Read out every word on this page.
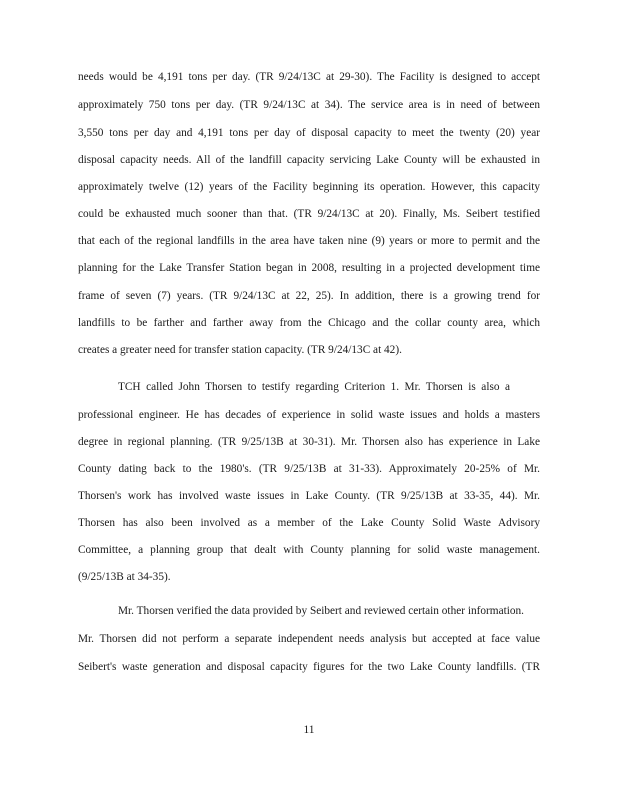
needs would be 4,191 tons per day. (TR 9/24/13C at 29-30). The Facility is designed to accept
approximately 750 tons per day. (TR 9/24/13C at 34). The service area is in need of between
3,550 tons per day and 4,191 tons per day of disposal capacity to meet the twenty (20) year
disposal capacity needs. All of the landfill capacity servicing Lake County will be exhausted in
approximately twelve (12) years of the Facility beginning its operation. However, this capacity
could be exhausted much sooner than that. (TR 9/24/13C at 20). Finally, Ms. Seibert testified
that each of the regional landfills in the area have taken nine (9) years or more to permit and the
planning for the Lake Transfer Station began in 2008, resulting in a projected development time
frame of seven (7) years. (TR 9/24/13C at 22, 25). In addition, there is a growing trend for
landfills to be farther and farther away from the Chicago and the collar county area, which
creates a greater need for transfer station capacity. (TR 9/24/13C at 42).
TCH called John Thorsen to testify regarding Criterion 1. Mr. Thorsen is also a
professional engineer. He has decades of experience in solid waste issues and holds a masters
degree in regional planning. (TR 9/25/13B at 30-31). Mr. Thorsen also has experience in Lake
County dating back to the 1980's. (TR 9/25/13B at 31-33). Approximately 20-25% of Mr.
Thorsen's work has involved waste issues in Lake County. (TR 9/25/13B at 33-35, 44). Mr.
Thorsen has also been involved as a member of the Lake County Solid Waste Advisory
Committee, a planning group that dealt with County planning for solid waste management.
(9/25/13B at 34-35).
Mr. Thorsen verified the data provided by Seibert and reviewed certain other information.
Mr. Thorsen did not perform a separate independent needs analysis but accepted at face value
Seibert's waste generation and disposal capacity figures for the two Lake County landfills. (TR
11
